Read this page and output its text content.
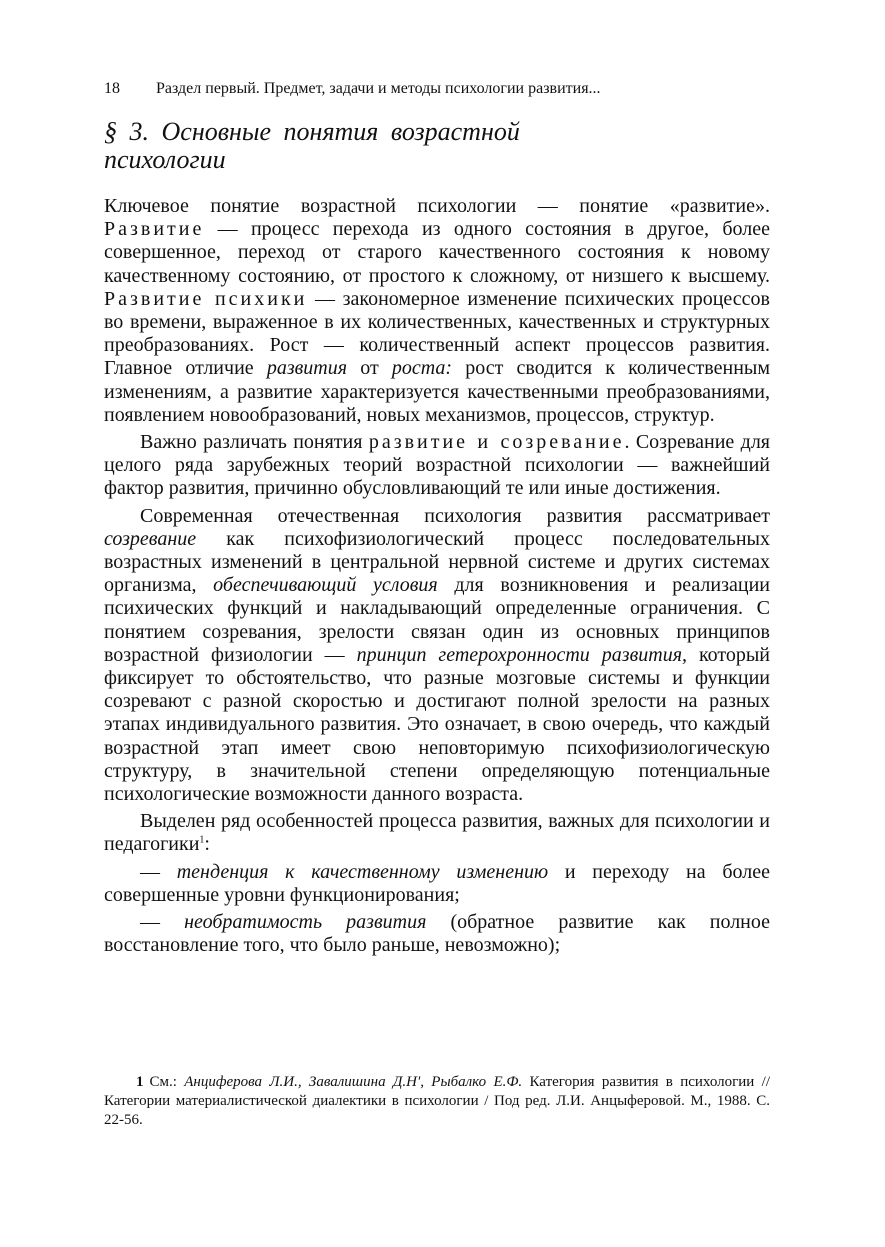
18 Раздел первый. Предмет, задачи и методы психологии развития...
§ 3. Основные понятия возрастной психологии

Ключевое понятие возрастной психологии — понятие «развитие». Развитие — процесс перехода из одного состояния в другое, более совершенное, переход от старого качественного состояния к новому качественному состоянию, от простого к сложному, от низшего к высшему. Развитие психики — закономерное изменение психических процессов во времени, выраженное в их количественных, качественных и структурных преобразованиях. Рост — количественный аспект процессов развития. Главное отличие развития от роста: рост сводится к количественным изменениям, а развитие характеризуется качественными преобразованиями, появлением новообразований, новых механизмов, процессов, структур.

Важно различать понятия развитие и созревание. Созревание для целого ряда зарубежных теорий возрастной психологии — важнейший фактор развития, причинно обусловливающий те или иные достижения.

Современная отечественная психология развития рассматривает созревание как психофизиологический процесс последовательных возрастных изменений в центральной нервной системе и других системах организма, обеспечивающий условия для возникновения и реализации психических функций и накладывающий определенные ограничения. С понятием созревания, зрелости связан один из основных принципов возрастной физиологии — принцип гетерохронности развития, который фиксирует то обстоятельство, что разные мозговые системы и функции созревают с разной скоростью и достигают полной зрелости на разных этапах индивидуального развития. Это означает, в свою очередь, что каждый возрастной этап имеет свою неповторимую психофизиологическую структуру, в значительной степени определяющую потенциальные психологические возможности данного возраста.

Выделен ряд особенностей процесса развития, важных для психологии и педагогики$^1$:

— тенденция к качественному изменению и переходу на более совершенные уровни функционирования;

— необратимость развития (обратное развитие как полное восстановление того, что было раньше, невозможно);

1 См.: Анциферова Л.И., Завалишина Д.Н', Рыбалко Е.Ф. Категория развития в психологии // Категории материалистической диалектики в психологии / Под ред. Л.И. Анцыферовой. М., 1988. С. 22-56.
